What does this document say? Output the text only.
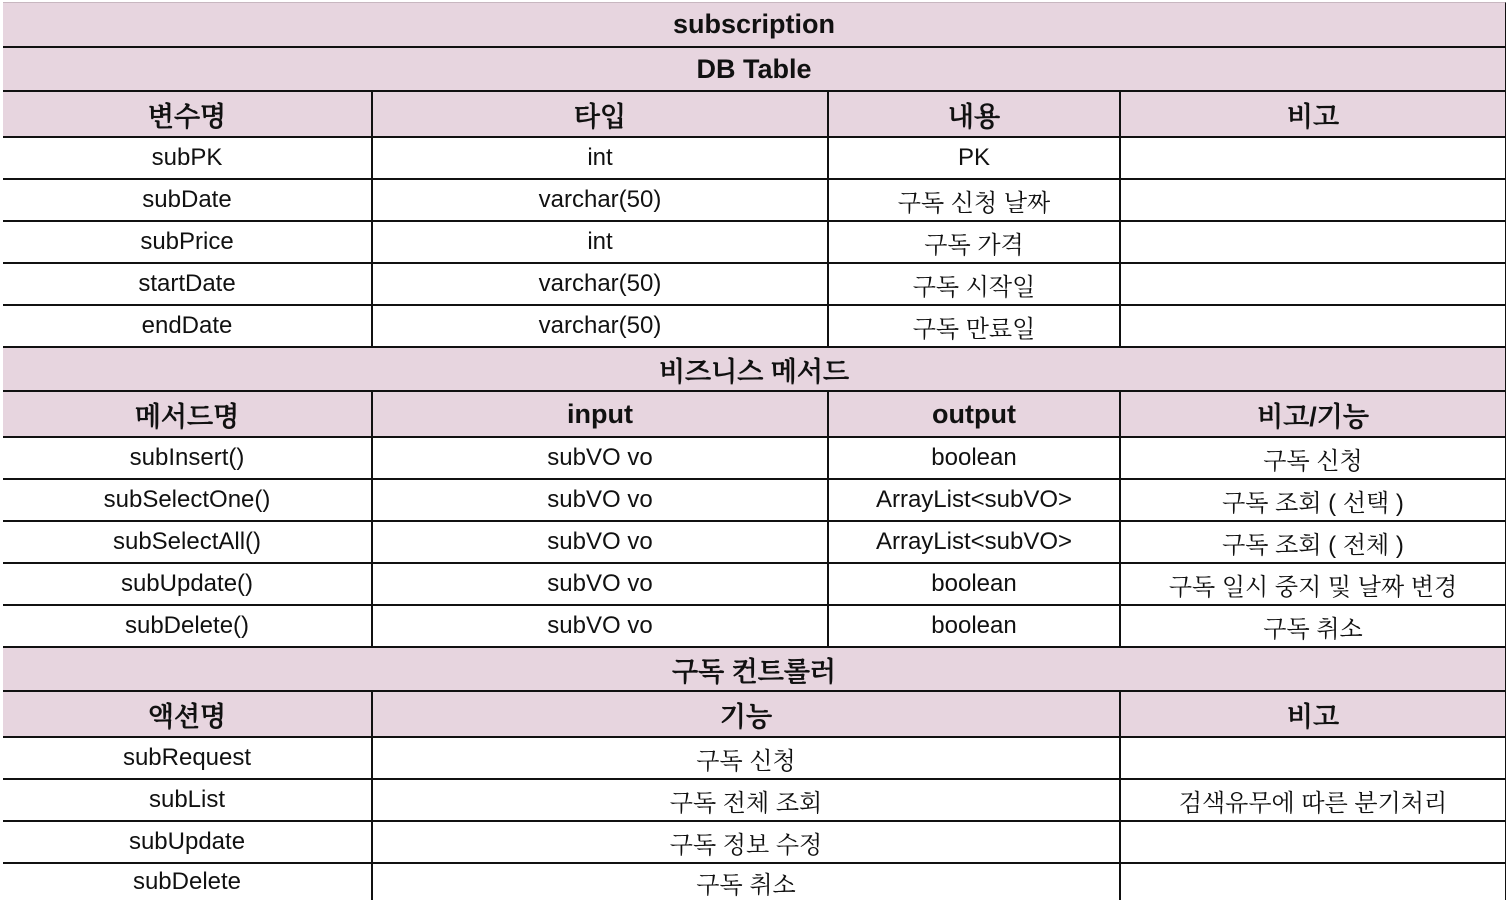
subscription
DB Table
변수명	타입	내용	비고
subPK	int	PK
subDate	varchar(50)	구독 신청 날짜
subPrice	int	구독 가격
startDate	varchar(50)	구독 시작일
endDate	varchar(50)	구독 만료일
비즈니스 메서드
메서드명	input	output	비고/기능
subInsert()	subVO vo	boolean	구독 신청
subSelectOne()	subVO vo	ArrayList<subVO>	구독 조회 ( 선택 )
subSelectAll()	subVO vo	ArrayList<subVO>	구독 조회 ( 전체 )
subUpdate()	subVO vo	boolean	구독 일시 중지 및 날짜 변경
subDelete()	subVO vo	boolean	구독 취소
구독 컨트롤러
액션명	기능	비고
subRequest	구독 신청
subList	구독 전체 조회	검색유무에 따른 분기처리
subUpdate	구독 정보 수정
subDelete	구독 취소
